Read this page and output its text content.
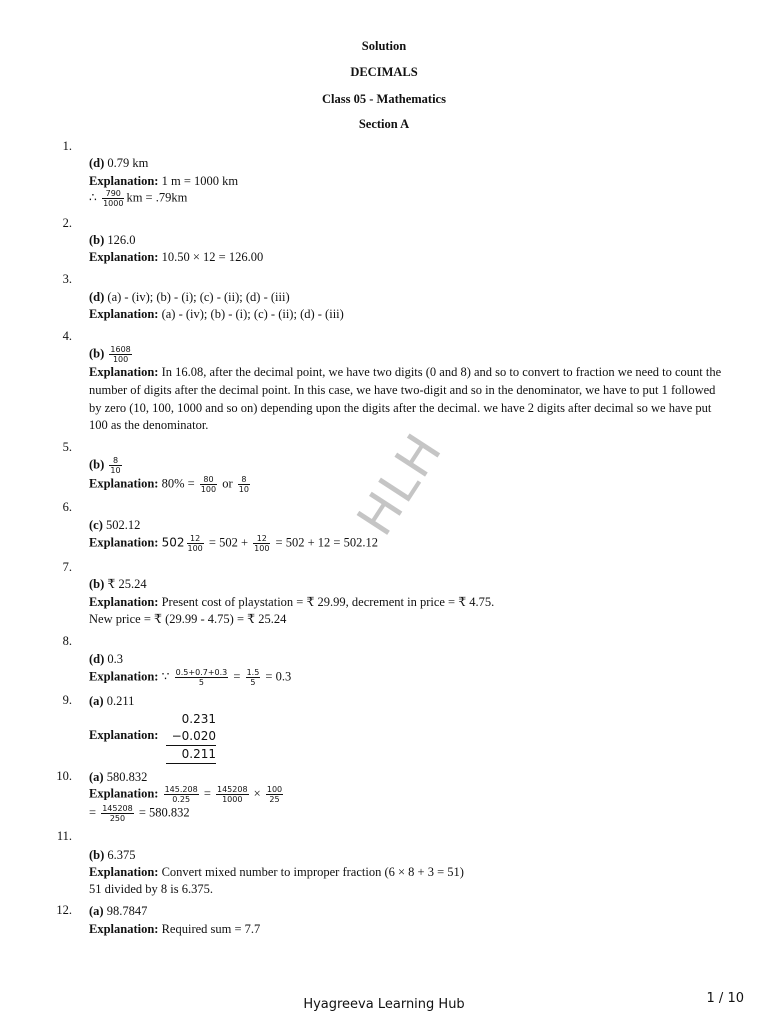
Solution
DECIMALS
Class 05 - Mathematics
Section A
1.
(d) 0.79 km
Explanation: 1 m = 1000 km
∴ $\frac{790}{1000}$ km = .79km
2.
(b) 126.0
Explanation: 10.50 × 12 = 126.00
3.
(d) (a) - (iv); (b) - (i); (c) - (ii); (d) - (iii)
Explanation: (a) - (iv); (b) - (i); (c) - (ii); (d) - (iii)
4.
$(b) \frac{1608}{100}$
Explanation: In 16.08, after the decimal point, we have two digits (0 and 8) and so to convert to fraction we need to count the number of digits after the decimal point. In this case, we have two-digit and so in the denominator, we have to put 1 followed by zero (10, 100, 1000 and so on) depending upon the digits after the decimal. we have 2 digits after decimal so we have put 100 as the denominator.
5.
$(b) \frac{8}{10}$
Explanation: $80\% = \frac{80}{100}$ or $\frac{8}{10}$
6.
(c) 502.12
Explanation: $502 \frac{12}{100} = 502 + \frac{12}{100} = 502 + 12 = 502.12$
7.
(b) ₹ 25.24
Explanation: Present cost of playstation = ₹ 29.99, decrement in price = ₹ 4.75.
New price = ₹ (29.99 - 4.75) = ₹ 25.24
8.
(d) 0.3
Explanation: ∵ $\frac{0.5+0.7+0.3}{5} = \frac{1.5}{5} = 0.3$
9. (a) 0.211
Explanation:
0.231
−0.020
0.211
10. (a) 580.832
Explanation: $\frac{145.208}{0.25} = \frac{145208}{1000} \times \frac{100}{25}$
= $\frac{145208}{250} = 580.832$
11.
(b) 6.375
Explanation: Convert mixed number to improper fraction (6 × 8 + 3 = 51)
51 divided by 8 is 6.375.
12. (a) 98.7847
Explanation: Required sum = 7.7
HLH
Hyagreeva Learning Hub	1 / 10
